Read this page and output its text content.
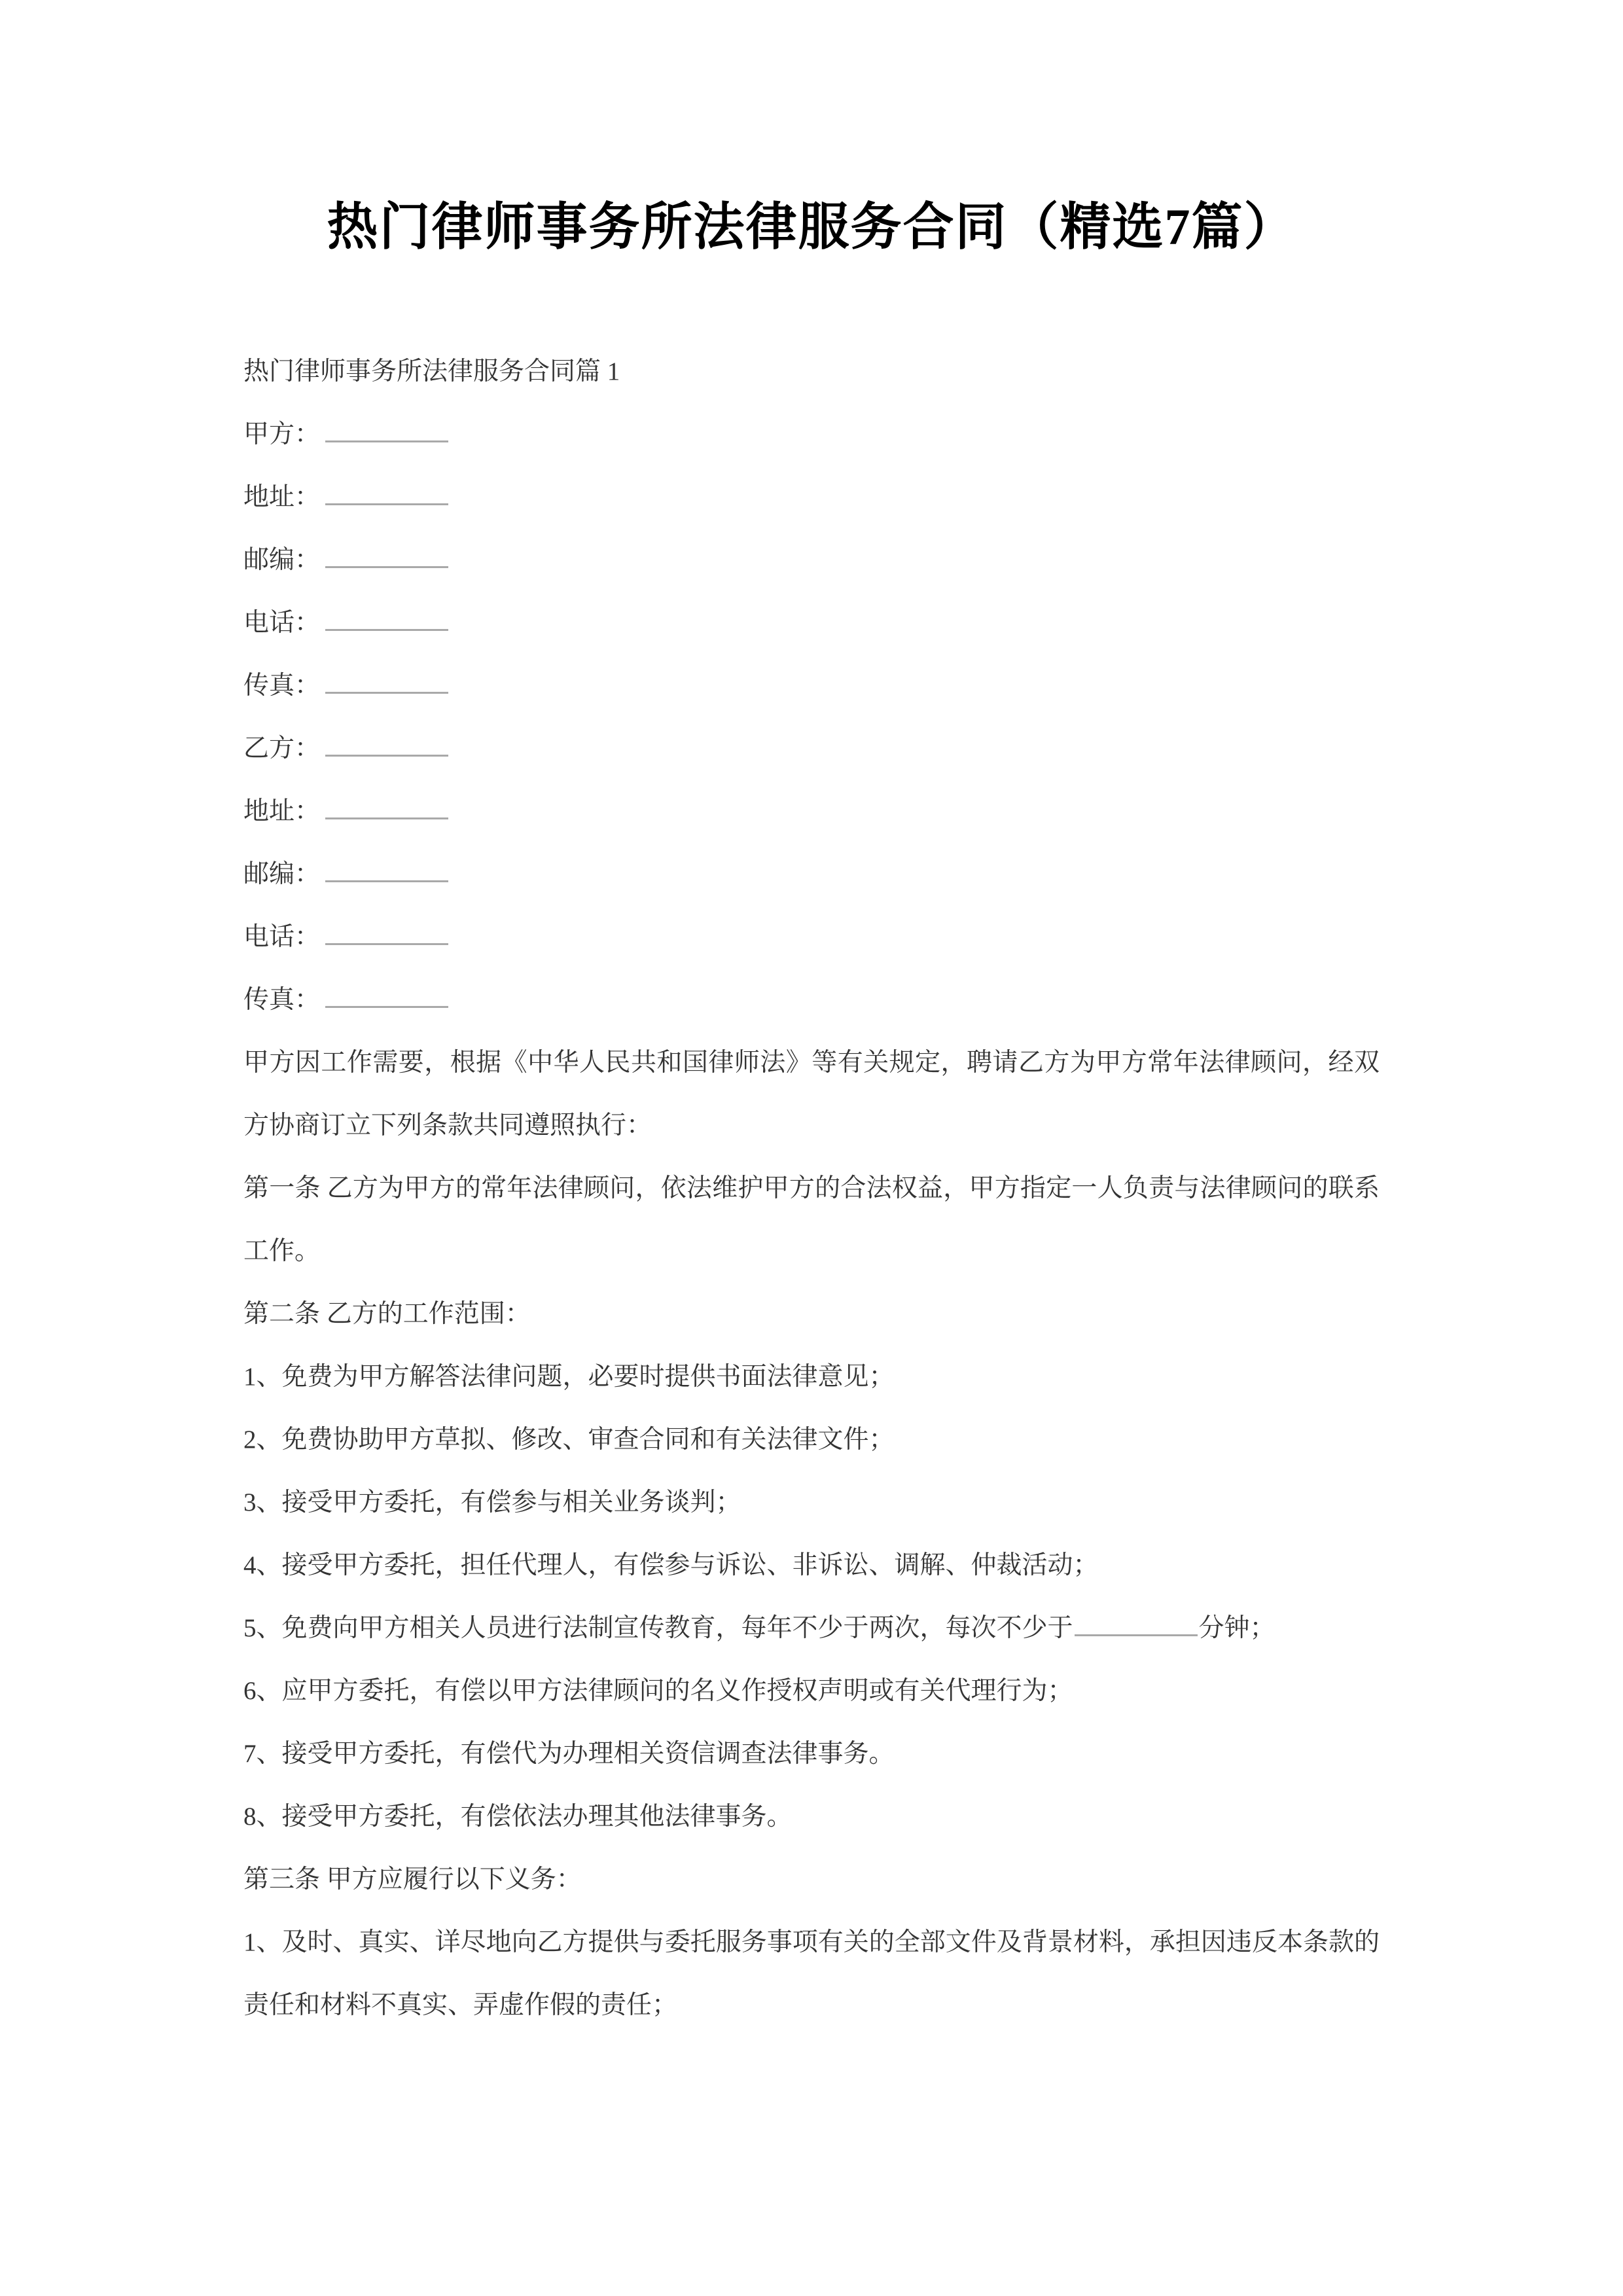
热门律师事务所法律服务合同（精选7篇）

热门律师事务所法律服务合同篇 1

甲方：

地址：

邮编：

电话：

传真：

乙方：

地址：

邮编：

电话：

传真：

甲方因工作需要，根据《中华人民共和国律师法》等有关规定，聘请乙方为甲方常年法律顾问，经双方协商订立下列条款共同遵照执行：

第一条 乙方为甲方的常年法律顾问，依法维护甲方的合法权益，甲方指定一人负责与法律顾问的联系工作。

第二条 乙方的工作范围：

1、免费为甲方解答法律问题，必要时提供书面法律意见；

2、免费协助甲方草拟、修改、审查合同和有关法律文件；

3、接受甲方委托，有偿参与相关业务谈判；

4、接受甲方委托，担任代理人，有偿参与诉讼、非诉讼、调解、仲裁活动；

5、免费向甲方相关人员进行法制宣传教育，每年不少于两次，每次不少于	分钟；

6、应甲方委托，有偿以甲方法律顾问的名义作授权声明或有关代理行为；

7、接受甲方委托，有偿代为办理相关资信调查法律事务。

8、接受甲方委托，有偿依法办理其他法律事务。

第三条 甲方应履行以下义务：

1、及时、真实、详尽地向乙方提供与委托服务事项有关的全部文件及背景材料，承担因违反本条款的责任和材料不真实、弄虚作假的责任；
